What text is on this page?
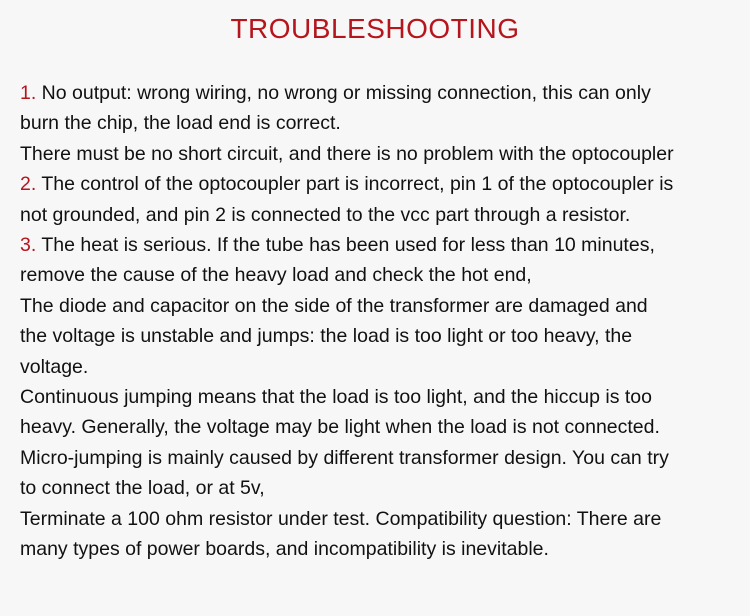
TROUBLESHOOTING
1. No output: wrong wiring, no wrong or missing connection, this can only
burn the chip, the load end is correct.
There must be no short circuit, and there is no problem with the optocoupler
2. The control of the optocoupler part is incorrect, pin 1 of the optocoupler is
not grounded, and pin 2 is connected to the vcc part through a resistor.
3. The heat is serious. If the tube has been used for less than 10 minutes,
remove the cause of the heavy load and check the hot end,
The diode and capacitor on the side of the transformer are damaged and
the voltage is unstable and jumps: the load is too light or too heavy, the
voltage.
Continuous jumping means that the load is too light, and the hiccup is too
heavy. Generally, the voltage may be light when the load is not connected.
Micro-jumping is mainly caused by different transformer design. You can try
to connect the load, or at 5v,
Terminate a 100 ohm resistor under test. Compatibility question: There are
many types of power boards, and incompatibility is inevitable.
